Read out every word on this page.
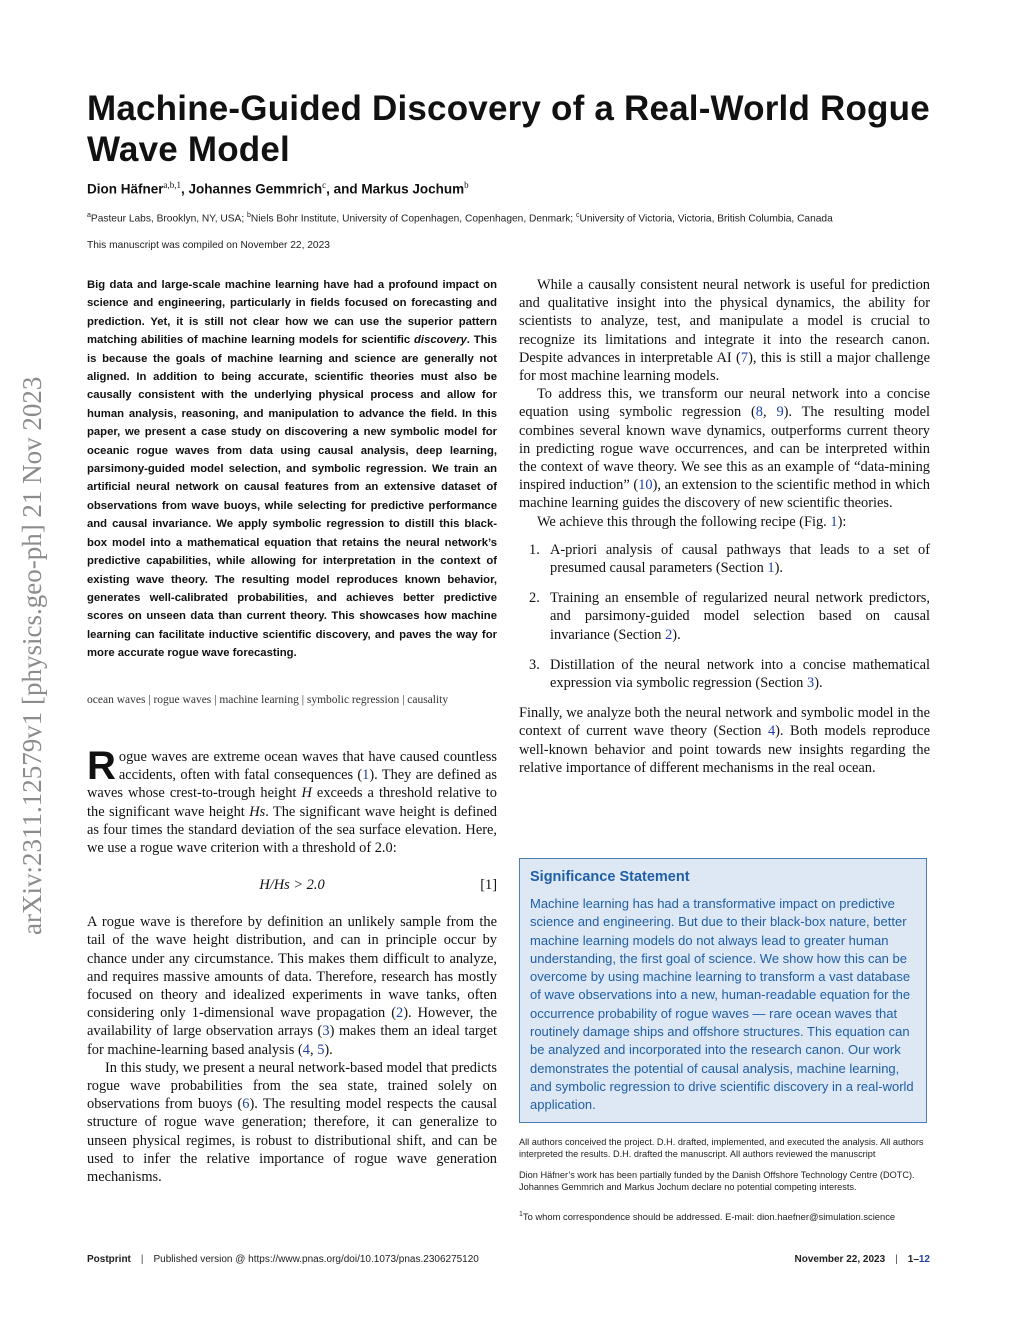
arXiv:2311.12579v1 [physics.geo-ph] 21 Nov 2023
Machine-Guided Discovery of a Real-World Rogue Wave Model
Dion Häfner$^{a,b,1}$, Johannes Gemmrich$^c$, and Markus Jochum$^b$
$^a$Pasteur Labs, Brooklyn, NY, USA; $^b$Niels Bohr Institute, University of Copenhagen, Copenhagen, Denmark; $^c$University of Victoria, Victoria, British Columbia, Canada
This manuscript was compiled on November 22, 2023

Big data and large-scale machine learning have had a profound impact on science and engineering, particularly in fields focused on forecasting and prediction. Yet, it is still not clear how we can use the superior pattern matching abilities of machine learning models for scientific discovery. This is because the goals of machine learning and science are generally not aligned. In addition to being accurate, scientific theories must also be causally consistent with the underlying physical process and allow for human analysis, reasoning, and manipulation to advance the field. In this paper, we present a case study on discovering a new symbolic model for oceanic rogue waves from data using causal analysis, deep learning, parsimony-guided model selection, and symbolic regression. We train an artificial neural network on causal features from an extensive dataset of observations from wave buoys, while selecting for predictive performance and causal invariance. We apply symbolic regression to distill this black-box model into a mathematical equation that retains the neural network’s predictive capabilities, while allowing for interpretation in the context of existing wave theory. The resulting model reproduces known behavior, generates well-calibrated probabilities, and achieves better predictive scores on unseen data than current theory. This showcases how machine learning can facilitate inductive scientific discovery, and paves the way for more accurate rogue wave forecasting.

ocean waves | rogue waves | machine learning | symbolic regression | causality

Rogue waves are extreme ocean waves that have caused countless accidents, often with fatal consequences (1). They are defined as waves whose crest-to-trough height H exceeds a threshold relative to the significant wave height Hs. The significant wave height is defined as four times the standard deviation of the sea surface elevation. Here, we use a rogue wave criterion with a threshold of 2.0:

H/Hs > 2.0	[1]

A rogue wave is therefore by definition an unlikely sample from the tail of the wave height distribution, and can in principle occur by chance under any circumstance. This makes them difficult to analyze, and requires massive amounts of data. Therefore, research has mostly focused on theory and idealized experiments in wave tanks, often considering only 1-dimensional wave propagation (2). However, the availability of large observation arrays (3) makes them an ideal target for machine-learning based analysis (4, 5).

In this study, we present a neural network-based model that predicts rogue wave probabilities from the sea state, trained solely on observations from buoys (6). The resulting model respects the causal structure of rogue wave generation; therefore, it can generalize to unseen physical regimes, is robust to distributional shift, and can be used to infer the relative importance of rogue wave generation mechanisms.

While a causally consistent neural network is useful for prediction and qualitative insight into the physical dynamics, the ability for scientists to analyze, test, and manipulate a model is crucial to recognize its limitations and integrate it into the research canon. Despite advances in interpretable AI (7), this is still a major challenge for most machine learning models.

To address this, we transform our neural network into a concise equation using symbolic regression (8, 9). The resulting model combines several known wave dynamics, outperforms current theory in predicting rogue wave occurrences, and can be interpreted within the context of wave theory. We see this as an example of “data-mining inspired induction” (10), an extension to the scientific method in which machine learning guides the discovery of new scientific theories.

We achieve this through the following recipe (Fig. 1):

1. A-priori analysis of causal pathways that leads to a set of presumed causal parameters (Section 1).
2. Training an ensemble of regularized neural network predictors, and parsimony-guided model selection based on causal invariance (Section 2).
3. Distillation of the neural network into a concise mathematical expression via symbolic regression (Section 3).

Finally, we analyze both the neural network and symbolic model in the context of current wave theory (Section 4). Both models reproduce well-known behavior and point towards new insights regarding the relative importance of different mechanisms in the real ocean.

Significance Statement

Machine learning has had a transformative impact on predictive science and engineering. But due to their black-box nature, better machine learning models do not always lead to greater human understanding, the first goal of science. We show how this can be overcome by using machine learning to transform a vast database of wave observations into a new, human-readable equation for the occurrence probability of rogue waves — rare ocean waves that routinely damage ships and offshore structures. This equation can be analyzed and incorporated into the research canon. Our work demonstrates the potential of causal analysis, machine learning, and symbolic regression to drive scientific discovery in a real-world application.

All authors conceived the project. D.H. drafted, implemented, and executed the analysis. All authors interpreted the results. D.H. drafted the manuscript. All authors reviewed the manuscript

Dion Häfner’s work has been partially funded by the Danish Offshore Technology Centre (DOTC). Johannes Gemmrich and Markus Jochum declare no potential competing interests.

$^1$To whom correspondence should be addressed. E-mail: dion.haefner@simulation.science
Postprint | Published version @ https://www.pnas.org/doi/10.1073/pnas.2306275120	November 22, 2023 | 1–12
